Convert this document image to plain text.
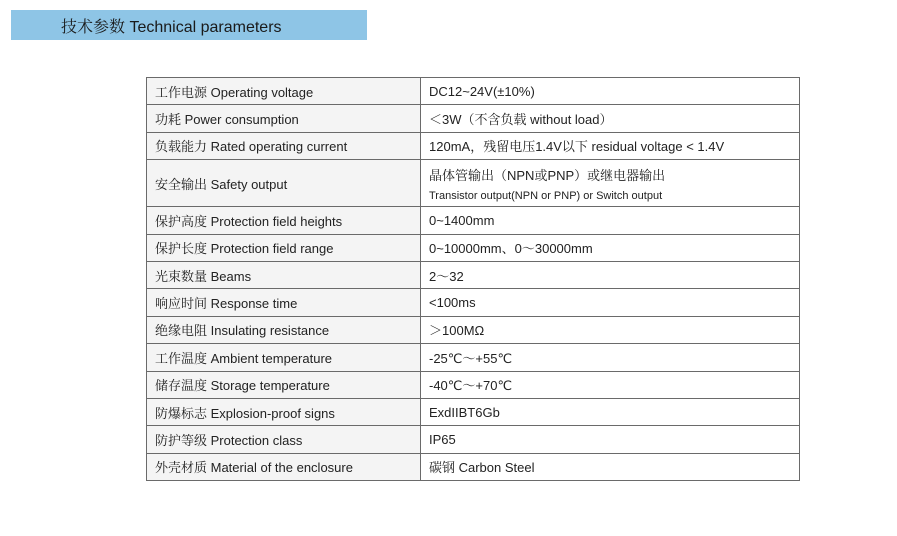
技术参数 Technical parameters
工作电源 Operating voltage	DC12~24V(±10%)
功耗 Power consumption	＜3W（不含负载 without load）
负载能力 Rated operating current	120mA，残留电压1.4V以下 residual voltage < 1.4V
安全输出 Safety output	晶体管输出（NPN或PNP）或继电器输出
Transistor output(NPN or PNP) or Switch output

保护高度 Protection field heights	0~1400mm
保护长度 Protection field range	0~10000mm、0～30000mm
光束数量 Beams	2～32
响应时间 Response time	<100ms
绝缘电阻 Insulating resistance	＞100MΩ
工作温度 Ambient temperature	-25℃～+55℃
储存温度 Storage temperature	-40℃～+70℃
防爆标志 Explosion-proof signs	ExdIIBT6Gb
防护等级 Protection class	IP65
外壳材质 Material of the enclosure	碳钢 Carbon Steel
